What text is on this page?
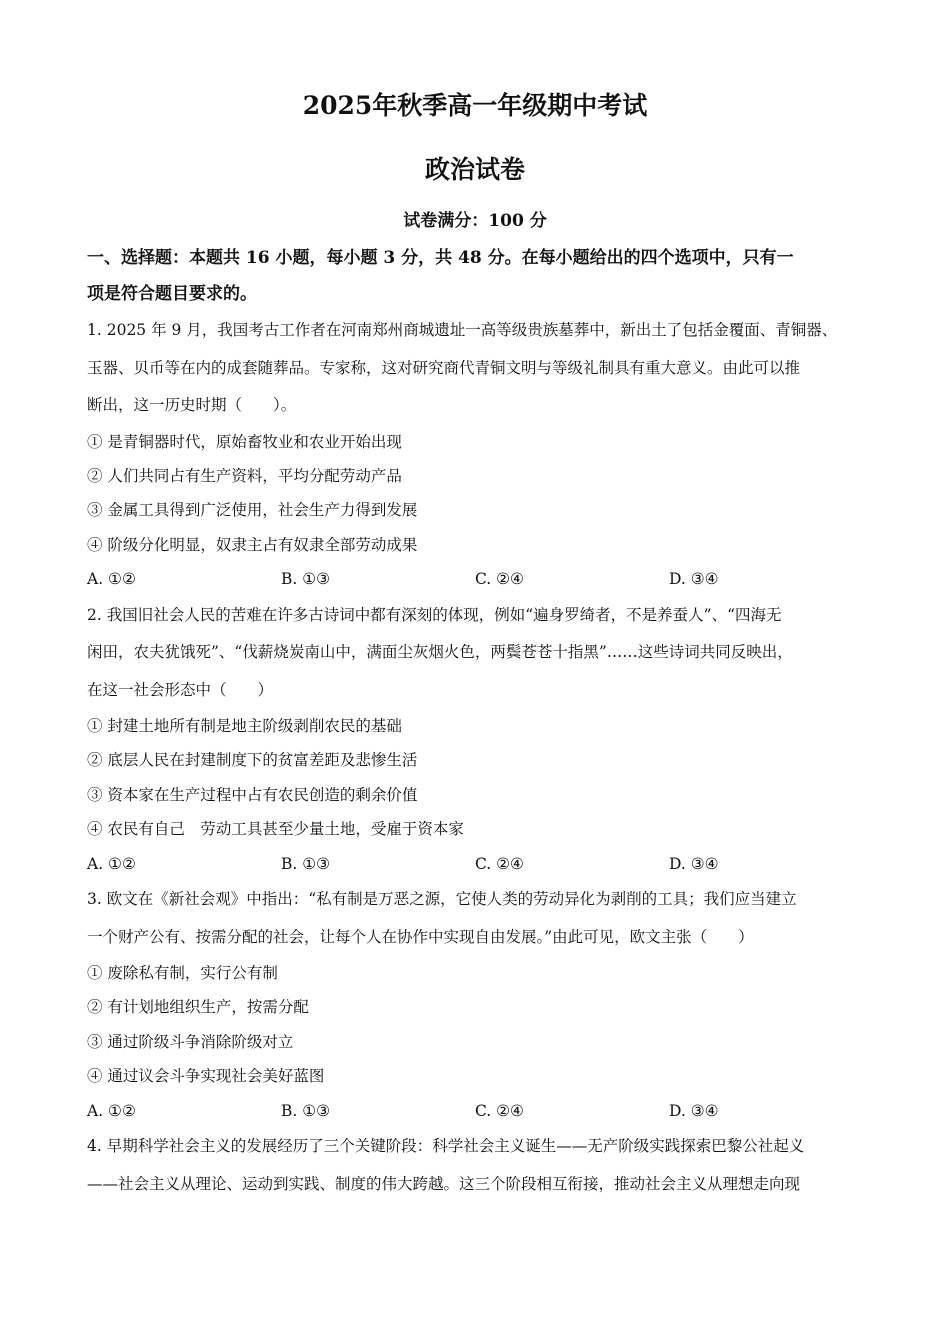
2025年秋季高一年级期中考试
政治试卷
试卷满分：100 分

一、选择题：本题共 16 小题，每小题 3 分，共 48 分。在每小题给出的四个选项中，只有一

项是符合题目要求的。

1. 2025 年 9 月，我国考古工作者在河南郑州商城遗址一高等级贵族墓葬中，新出土了包括金覆面、青铜器、

玉器、贝币等在内的成套随葬品。专家称，这对研究商代青铜文明与等级礼制具有重大意义。由此可以推

断出，这一历史时期（　　）。

① 是青铜器时代，原始畜牧业和农业开始出现

② 人们共同占有生产资料，平均分配劳动产品

③ 金属工具得到广泛使用，社会生产力得到发展

④ 阶级分化明显，奴隶主占有奴隶全部劳动成果

A. ①②	B. ①③	C. ②④	D. ③④

2. 我国旧社会人民的苦难在许多古诗词中都有深刻的体现，例如“遍身罗绮者，不是养蚕人”、“四海无

闲田，农夫犹饿死”、“伐薪烧炭南山中，满面尘灰烟火色，两鬓苍苍十指黑”……这些诗词共同反映出，

在这一社会形态中（　　）

① 封建土地所有制是地主阶级剥削农民的基础

② 底层人民在封建制度下的贫富差距及悲惨生活

③ 资本家在生产过程中占有农民创造的剩余价值

④ 农民有自己　劳动工具甚至少量土地，受雇于资本家

A. ①②	B. ①③	C. ②④	D. ③④

3. 欧文在《新社会观》中指出：“私有制是万恶之源，它使人类的劳动异化为剥削的工具；我们应当建立

一个财产公有、按需分配的社会，让每个人在协作中实现自由发展。”由此可见，欧文主张（　　）

① 废除私有制，实行公有制

② 有计划地组织生产，按需分配

③ 通过阶级斗争消除阶级对立

④ 通过议会斗争实现社会美好蓝图

A. ①②	B. ①③	C. ②④	D. ③④

4. 早期科学社会主义的发展经历了三个关键阶段：科学社会主义诞生——无产阶级实践探索巴黎公社起义

——社会主义从理论、运动到实践、制度的伟大跨越。这三个阶段相互衔接，推动社会主义从理想走向现
